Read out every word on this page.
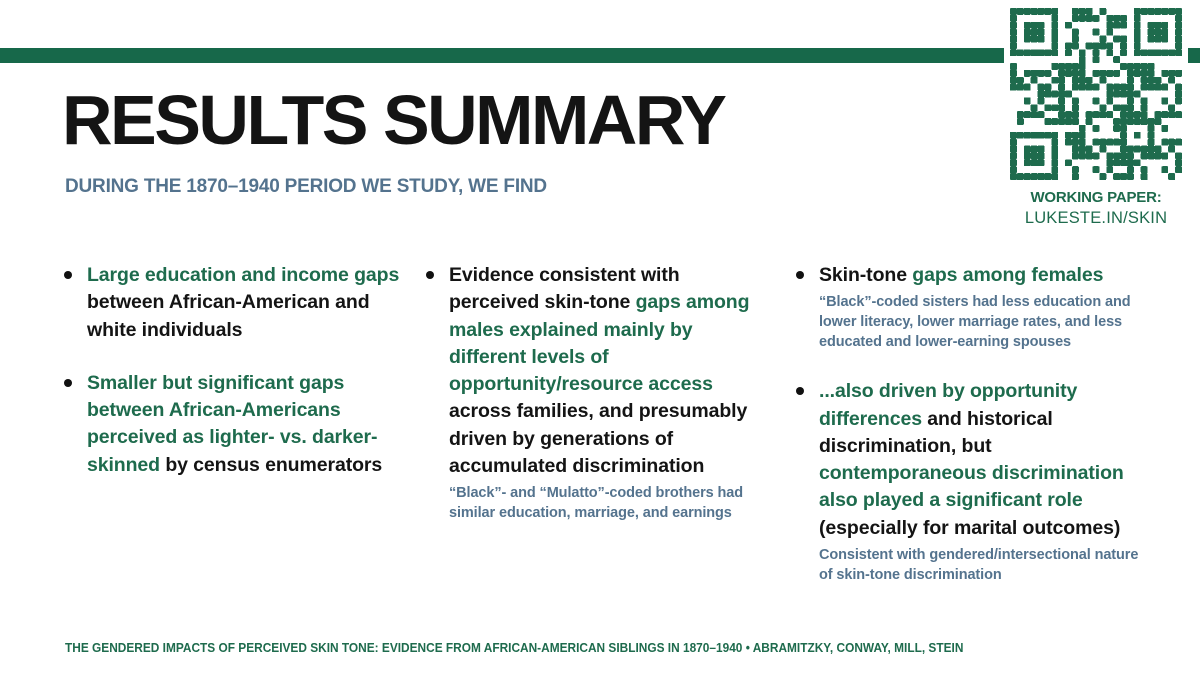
WORKING PAPER:
LUKESTE.IN/SKIN
RESULTS SUMMARY
DURING THE 1870–1940 PERIOD WE STUDY, WE FIND

Large education and income gaps between African-American and white individuals

Smaller but significant gaps between African-Americans perceived as lighter- vs. darker-skinned by census enumerators

Evidence consistent with perceived skin-tone gaps among males explained mainly by different levels of opportunity/resource access across families, and presumably driven by generations of accumulated discrimination

“Black”- and “Mulatto”-coded brothers had similar education, marriage, and earnings

Skin-tone gaps among females

“Black”-coded sisters had less education and lower literacy, lower marriage rates, and less educated and lower-earning spouses

...also driven by opportunity differences and historical discrimination, but contemporaneous discrimination also played a significant role (especially for marital outcomes)

Consistent with gendered/intersectional nature of skin-tone discrimination

THE GENDERED IMPACTS OF PERCEIVED SKIN TONE: EVIDENCE FROM AFRICAN-AMERICAN SIBLINGS IN 1870–1940 • ABRAMITZKY, CONWAY, MILL, STEIN
